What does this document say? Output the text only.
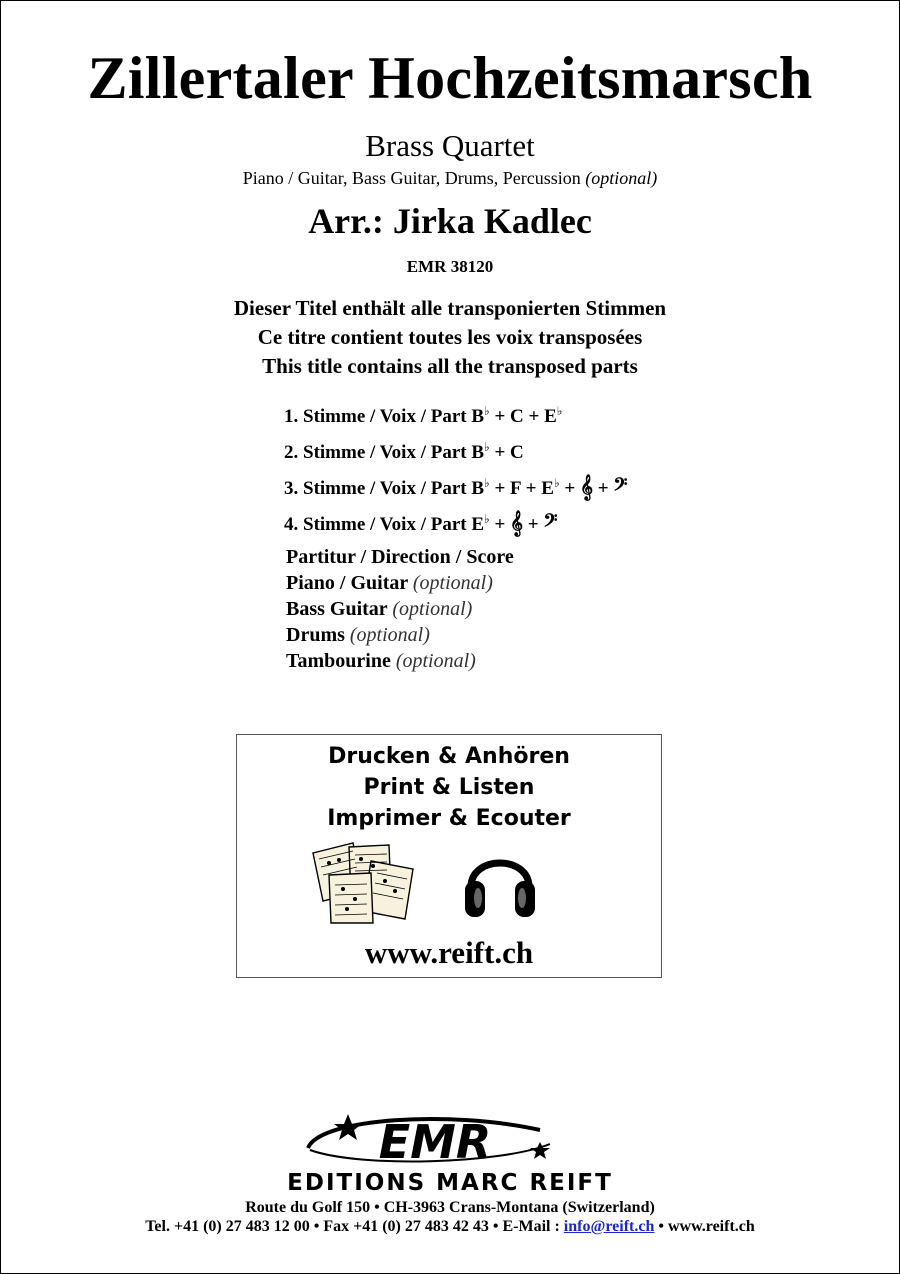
Zillertaler Hochzeitsmarsch
Brass Quartet
Piano / Guitar, Bass Guitar, Drums, Percussion (optional)
Arr.: Jirka Kadlec
EMR 38120
Dieser Titel enthält alle transponierten Stimmen
Ce titre contient toutes les voix transposées
This title contains all the transposed parts
1. Stimme / Voix / Part B♭ + C + E♭
2. Stimme / Voix / Part B♭ + C
3. Stimme / Voix / Part B♭ + F + E♭ + 𝄞 + 𝄢
4. Stimme / Voix / Part E♭ + 𝄞 + 𝄢
Partitur / Direction / Score
Piano / Guitar (optional)
Bass Guitar (optional)
Drums (optional)
Tambourine (optional)
Drucken & Anhören
Print & Listen
Imprimer & Ecouter
www.reift.ch
EMR
EDITIONS MARC REIFT
Route du Golf 150 • CH-3963 Crans-Montana (Switzerland)
Tel. +41 (0) 27 483 12 00 • Fax +41 (0) 27 483 42 43 • E-Mail : info@reift.ch • www.reift.ch
